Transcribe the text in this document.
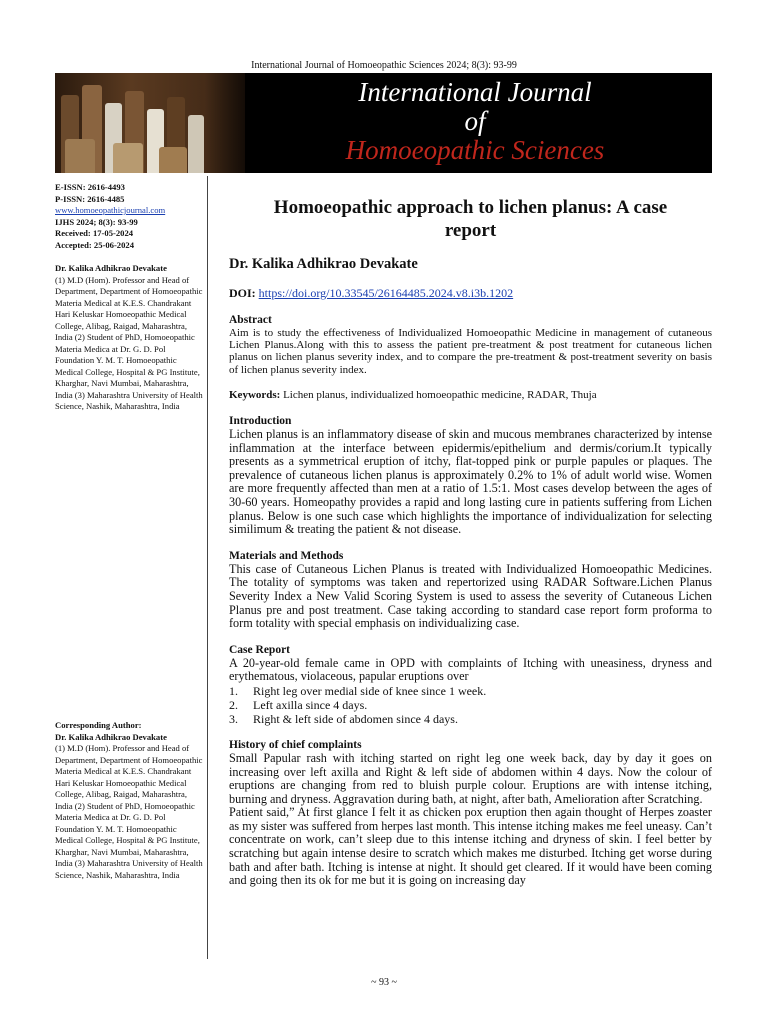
International Journal of Homoeopathic Sciences 2024; 8(3): 93-99
International Journal
of
Homoeopathic Sciences
E-ISSN: 2616-4493
P-ISSN: 2616-4485
www.homoeopathicjournal.com
IJHS 2024; 8(3): 93-99
Received: 17-05-2024
Accepted: 25-06-2024
Dr. Kalika Adhikrao Devakate
(1) M.D (Hom). Professor and Head of Department, Department of Homoeopathic Materia Medical at K.E.S. Chandrakant Hari Keluskar Homoeopathic Medical College, Alibag, Raigad, Maharashtra, India (2) Student of PhD, Homoeopathic Materia Medica at Dr. G. D. Pol Foundation Y. M. T. Homoeopathic Medical College, Hospital & PG Institute, Kharghar, Navi Mumbai, Maharashtra, India (3) Maharashtra University of Health Science, Nashik, Maharashtra, India
Corresponding Author:
Dr. Kalika Adhikrao Devakate
(1) M.D (Hom). Professor and Head of Department, Department of Homoeopathic Materia Medical at K.E.S. Chandrakant Hari Keluskar Homoeopathic Medical College, Alibag, Raigad, Maharashtra, India (2) Student of PhD, Homoeopathic Materia Medica at Dr. G. D. Pol Foundation Y. M. T. Homoeopathic Medical College, Hospital & PG Institute, Kharghar, Navi Mumbai, Maharashtra, India (3) Maharashtra University of Health Science, Nashik, Maharashtra, India
Homoeopathic approach to lichen planus: A case report
Dr. Kalika Adhikrao Devakate
DOI: https://doi.org/10.33545/26164485.2024.v8.i3b.1202
Abstract
Aim is to study the effectiveness of Individualized Homoeopathic Medicine in management of cutaneous Lichen Planus.Along with this to assess the patient pre-treatment & post treatment for cutaneous lichen planus on lichen planus severity index, and to compare the pre-treatment & post-treatment severity on basis of lichen planus severity index.
Keywords: Lichen planus, individualized homoeopathic medicine, RADAR, Thuja
Introduction
Lichen planus is an inflammatory disease of skin and mucous membranes characterized by intense inflammation at the interface between epidermis/epithelium and dermis/corium.It typically presents as a symmetrical eruption of itchy, flat-topped pink or purple papules or plaques. The prevalence of cutaneous lichen planus is approximately 0.2% to 1% of adult world wise. Women are more frequently affected than men at a ratio of 1.5:1. Most cases develop between the ages of 30-60 years. Homeopathy provides a rapid and long lasting cure in patients suffering from Lichen planus. Below is one such case which highlights the importance of individualization for selecting similimum & treating the patient & not disease.
Materials and Methods
This case of Cutaneous Lichen Planus is treated with Individualized Homoeopathic Medicines. The totality of symptoms was taken and repertorized using RADAR Software.Lichen Planus Severity Index a New Valid Scoring System is used to assess the severity of Cutaneous Lichen Planus pre and post treatment. Case taking according to standard case report form proforma to form totality with special emphasis on individualizing case.
Case Report
A 20-year-old female came in OPD with complaints of Itching with uneasiness, dryness and erythematous, violaceous, papular eruptions over
1. Right leg over medial side of knee since 1 week.
2. Left axilla since 4 days.
3. Right & left side of abdomen since 4 days.
History of chief complaints
Small Papular rash with itching started on right leg one week back, day by day it goes on increasing over left axilla and Right & left side of abdomen within 4 days. Now the colour of eruptions are changing from red to bluish purple colour. Eruptions are with intense itching, burning and dryness. Aggravation during bath, at night, after bath, Amelioration after Scratching.
Patient said,” At first glance I felt it as chicken pox eruption then again thought of Herpes zoaster as my sister was suffered from herpes last month. This intense itching makes me feel uneasy. Can’t concentrate on work, can’t sleep due to this intense itching and dryness of skin. I feel better by scratching but again intense desire to scratch which makes me disturbed. Itching get worse during bath and after bath. Itching is intense at night. It should get cleared. If it would have been coming and going then its ok for me but it is going on increasing day
~ 93 ~
